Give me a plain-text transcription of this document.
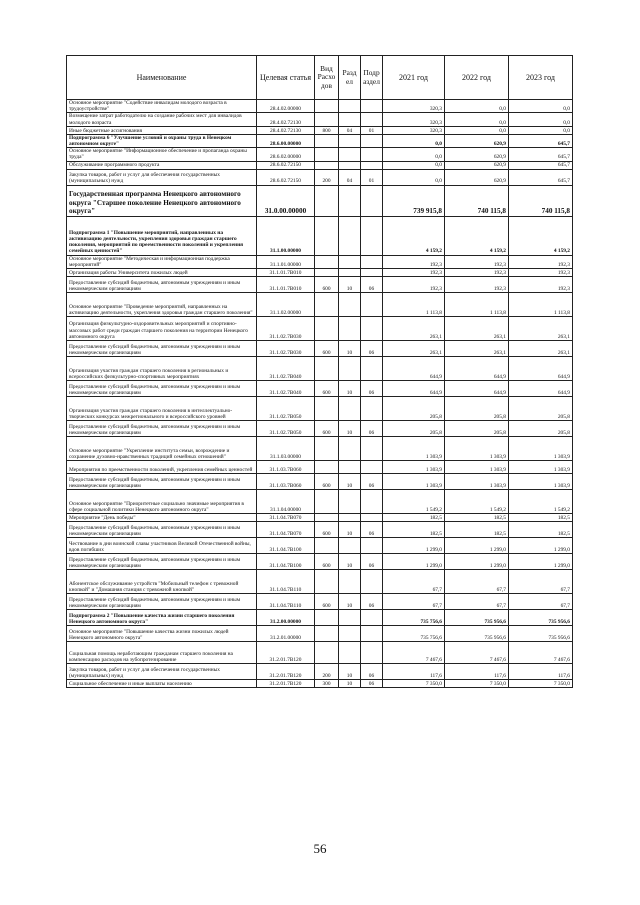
Наименование	Целевая статья	Вид Расхо дов	Разд ел	Подр аздел	2021 год	2022 год	2023 год
Основное мероприятие "Содействие инвалидам молодого возраста в трудоустройстве"	28.4.02.00000				320,3	0,0	0,0
Возмещение затрат работодателю на создание рабочих мест для инвалидов молодого возраста	28.4.02.72130				320,3	0,0	0,0
Иные бюджетные ассигнования	28.4.02.72130	800	04	01	320,3	0,0	0,0
Подпрограмма 6 "Улучшение условий и охраны труда в Ненецком автономном округе"	28.6.00.00000				0,0	620,9	645,7
Основное мероприятие "Информационное обеспечение и пропаганда охраны труда"	28.6.02.00000				0,0	620,9	645,7
Обслуживание программного продукта	28.6.02.72150				0,0	620,9	645,7
Закупка товаров, работ и услуг для обеспечения государственных (муниципальных) нужд	28.6.02.72150	200	04	01	0,0	620,9	645,7
Государственная программа Ненецкого автономного округа "Старшее поколение Ненецкого автономного округа"	31.0.00.00000				739 915,8	740 115,8	740 115,8
Подпрограмма 1 "Повышение мероприятий, направленных на активизацию деятельности, укрепления здоровья граждан старшего поколения, мероприятий по преемственности поколений и укрепления семейных ценностей"	31.1.00.00000				4 159,2	4 159,2	4 159,2
Основное мероприятие "Методическая и информационная поддержка мероприятий"	31.1.01.00000				192,3	192,3	192,3
Организация работы Университета пожилых людей	31.1.01.7B010				192,3	192,3	192,3
Предоставление субсидий бюджетным, автономным учреждениям и иным некоммерческим организациям	31.1.01.7B010	600	10	06	192,3	192,3	192,3
Основное мероприятие "Проведение мероприятий, направленных на активизацию деятельности, укрепления здоровья граждан старшего поколения"	31.1.02.00000				1 113,8	1 113,8	1 113,8
Организация физкультурно-оздоровительных мероприятий и спортивно-массовых работ среди граждан старшего поколения на территории Ненецкого автономного округа	31.1.02.7B030				263,1	263,1	263,1
Предоставление субсидий бюджетным, автономным учреждениям и иным некоммерческим организациям	31.1.02.7B030	600	10	06	263,1	263,1	263,1
Организация участия граждан старшего поколения в региональных и всероссийских физкультурно-спортивных мероприятиях	31.1.02.7B040				644,9	644,9	644,9
Предоставление субсидий бюджетным, автономным учреждениям и иным некоммерческим организациям	31.1.02.7B040	600	10	06	644,9	644,9	644,9
Организация участия граждан старшего поколения в интеллектуально-творческих конкурсах межрегионального и всероссийского уровней	31.1.02.7B050				205,8	205,8	205,8
Предоставление субсидий бюджетным, автономным учреждениям и иным некоммерческим организациям	31.1.02.7B050	600	10	06	205,8	205,8	205,8
Основное мероприятие "Укрепление института семьи, возрождение и сохранение духовно-нравственных традиций семейных отношений"	31.1.03.00000				1 303,9	1 303,9	1 303,9
Мероприятия по преемственности поколений, укрепления семейных ценностей	31.1.03.7B060				1 303,9	1 303,9	1 303,9
Предоставление субсидий бюджетным, автономным учреждениям и иным некоммерческим организациям	31.1.03.7B060	600	10	06	1 303,9	1 303,9	1 303,9
Основное мероприятие "Приоритетные социально значимые мероприятия в сфере социальной политики Ненецкого автономного округа"	31.1.04.00000				1 549,2	1 549,2	1 549,2
Мероприятие "День победы"	31.1.04.7B070				182,5	182,5	182,5
Предоставление субсидий бюджетным, автономным учреждениям и иным некоммерческим организациям	31.1.04.7B070	600	10	06	182,5	182,5	182,5
Чествование в дни воинской славы участников Великой Отечественной войны, вдов погибших	31.1.04.7B100				1 299,0	1 299,0	1 299,0
Предоставление субсидий бюджетным, автономным учреждениям и иным некоммерческим организациям	31.1.04.7B100	600	10	06	1 299,0	1 299,0	1 299,0
Абонентское обслуживание устройств "Мобильный телефон с тревожной кнопкой" и "Домашняя станция с тревожной кнопкой"	31.1.04.7B110				67,7	67,7	67,7
Предоставление субсидий бюджетным, автономным учреждениям и иным некоммерческим организациям	31.1.04.7B110	600	10	06	67,7	67,7	67,7
Подпрограмма 2 "Повышение качества жизни старшего поколения Ненецкого автономного округа"	31.2.00.00000				735 756,6	735 956,6	735 956,6
Основное мероприятие "Повышение качества жизни пожилых людей Ненецкого автономного округа"	31.2.01.00000				735 756,6	735 956,6	735 956,6
Социальная помощь неработающим гражданам старшего поколения на компенсацию расходов на зубопротезирование	31.2.01.7B120				7 467,6	7 467,6	7 467,6
Закупка товаров, работ и услуг для обеспечения государственных (муниципальных) нужд	31.2.01.7B120	200	10	06	117,6	117,6	117,6
Социальное обеспечение и иные выплаты населению	31.2.01.7B120	300	10	06	7 350,0	7 350,0	7 350,0
56
